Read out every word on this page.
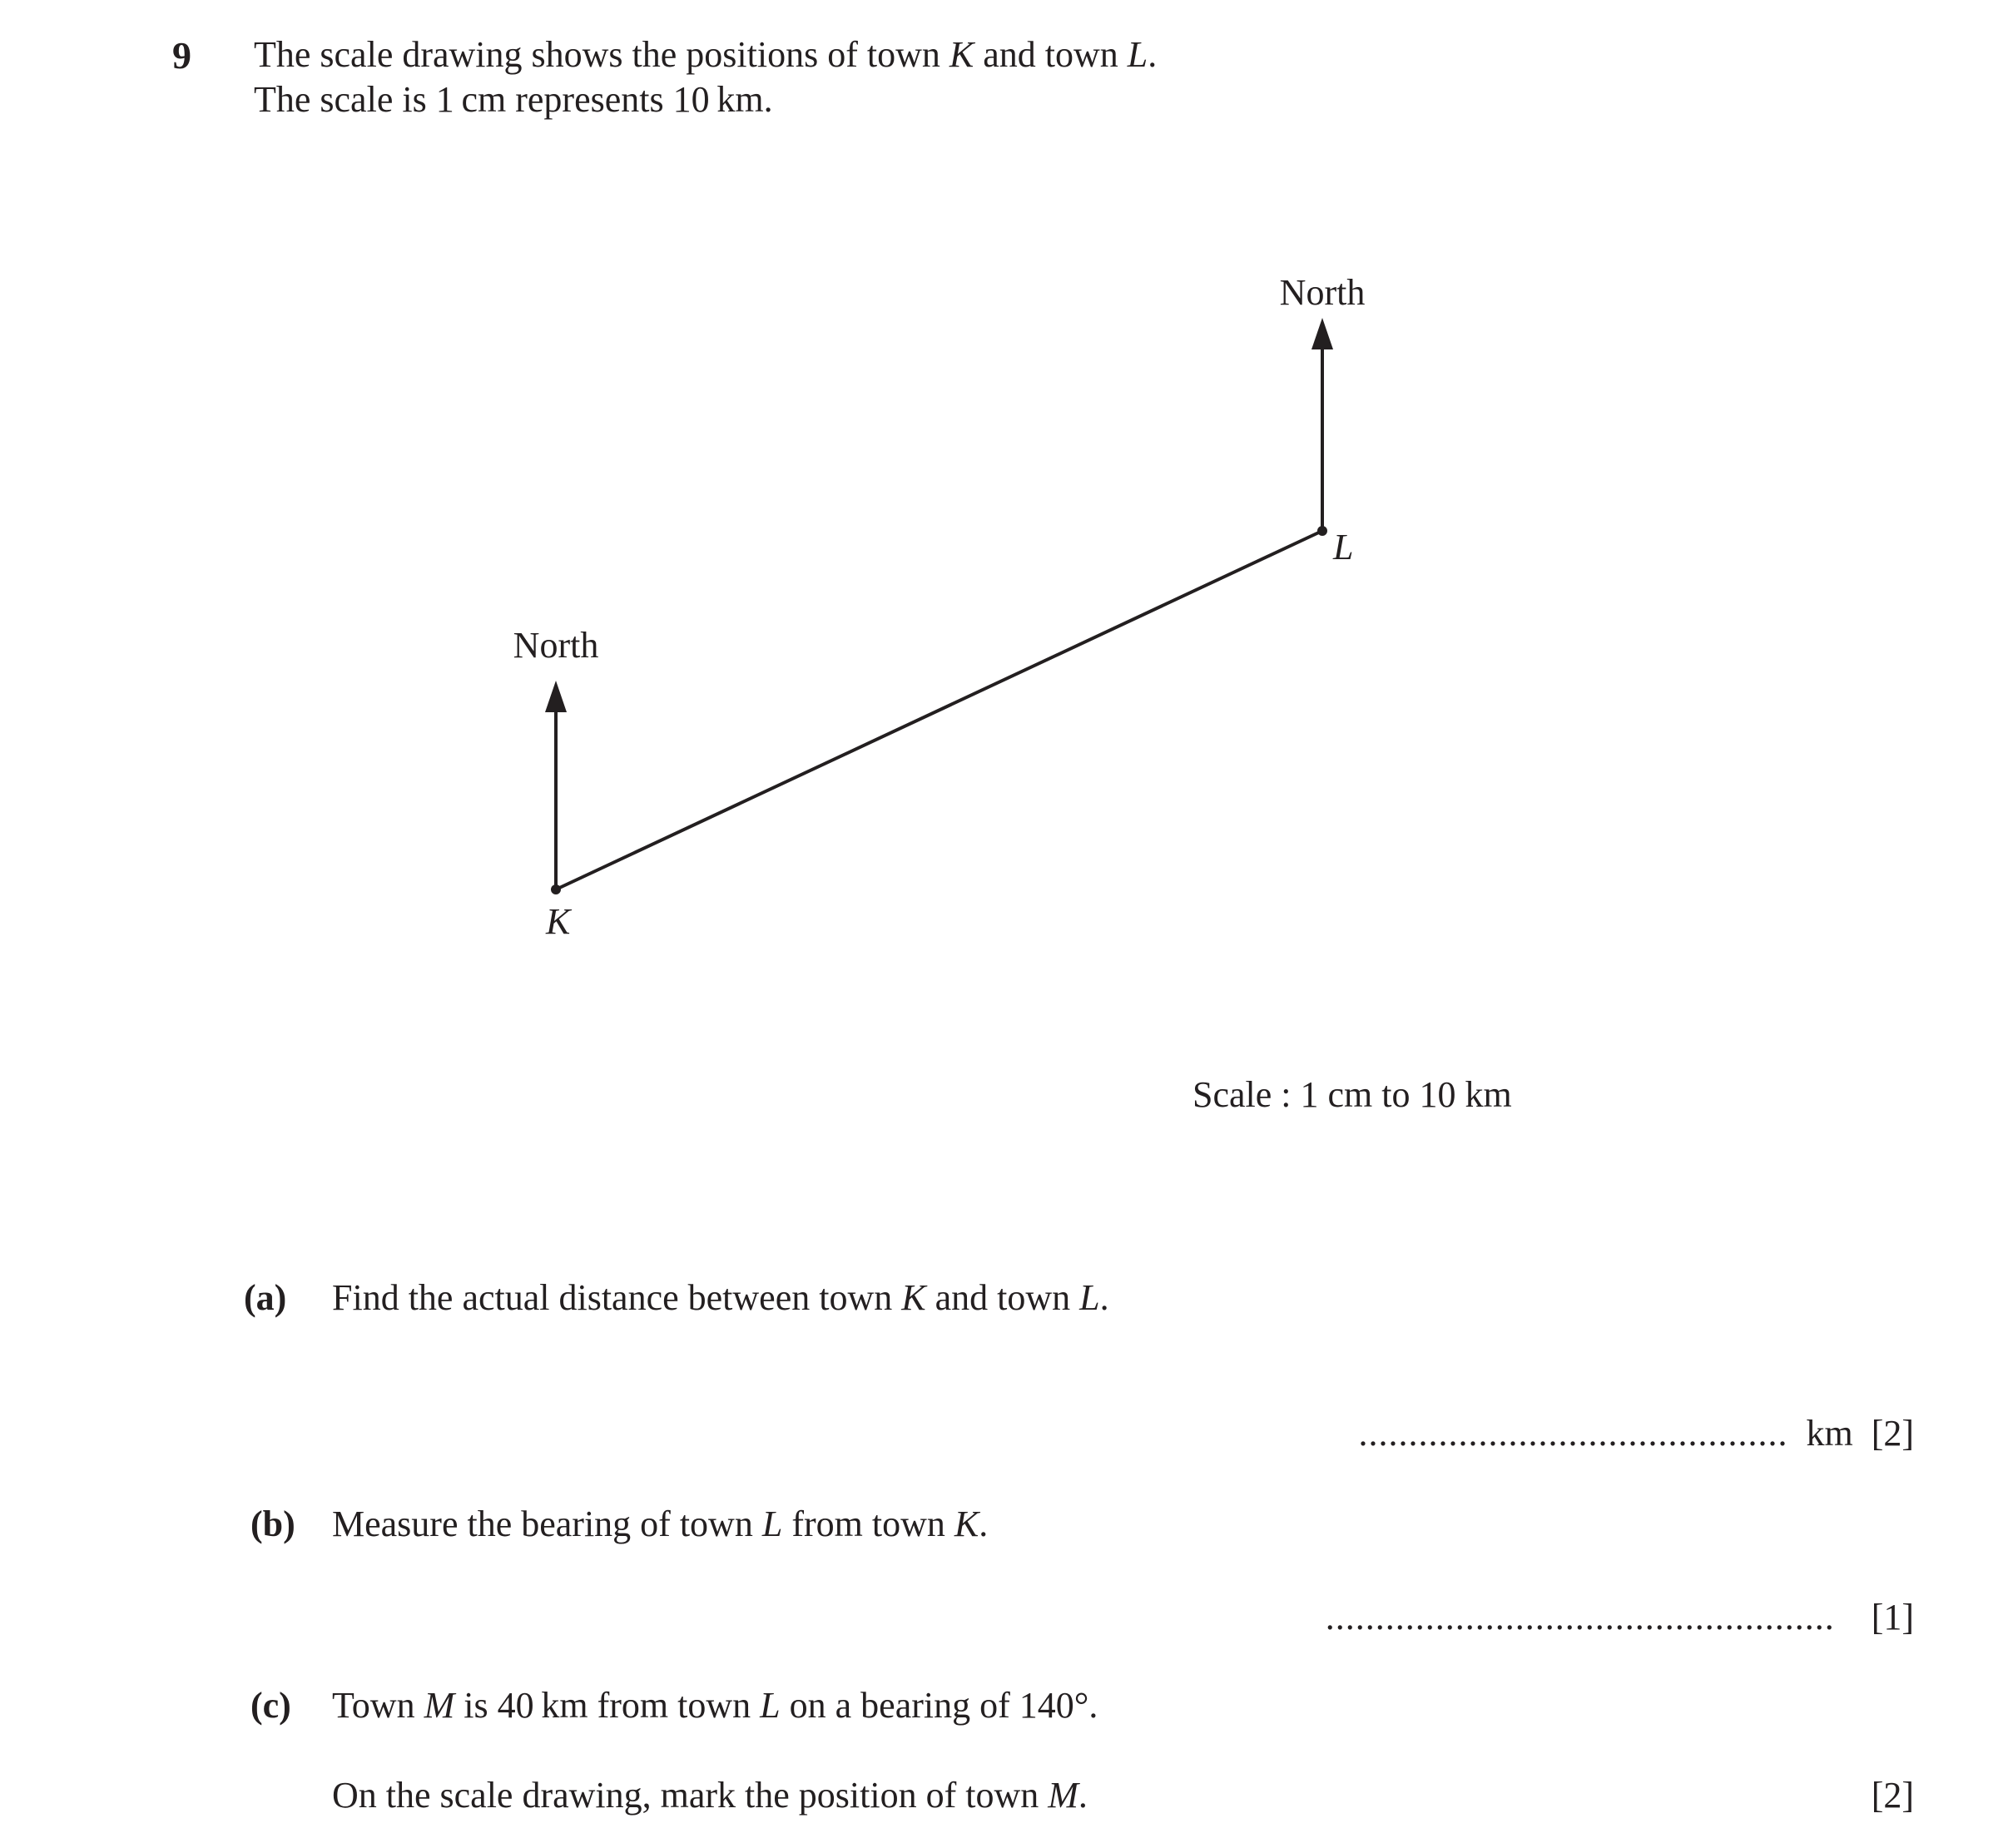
9 The scale drawing shows the positions of town K and town L.
The scale is 1 cm represents 10 km.
North
North
L
K
Scale : 1 cm to 10 km
(a) Find the actual distance between town K and town L.
........................................... km [2]
(b) Measure the bearing of town L from town K.
................................................... [1]
(c) Town M is 40 km from town L on a bearing of 140°.
On the scale drawing, mark the position of town M.	[2]
